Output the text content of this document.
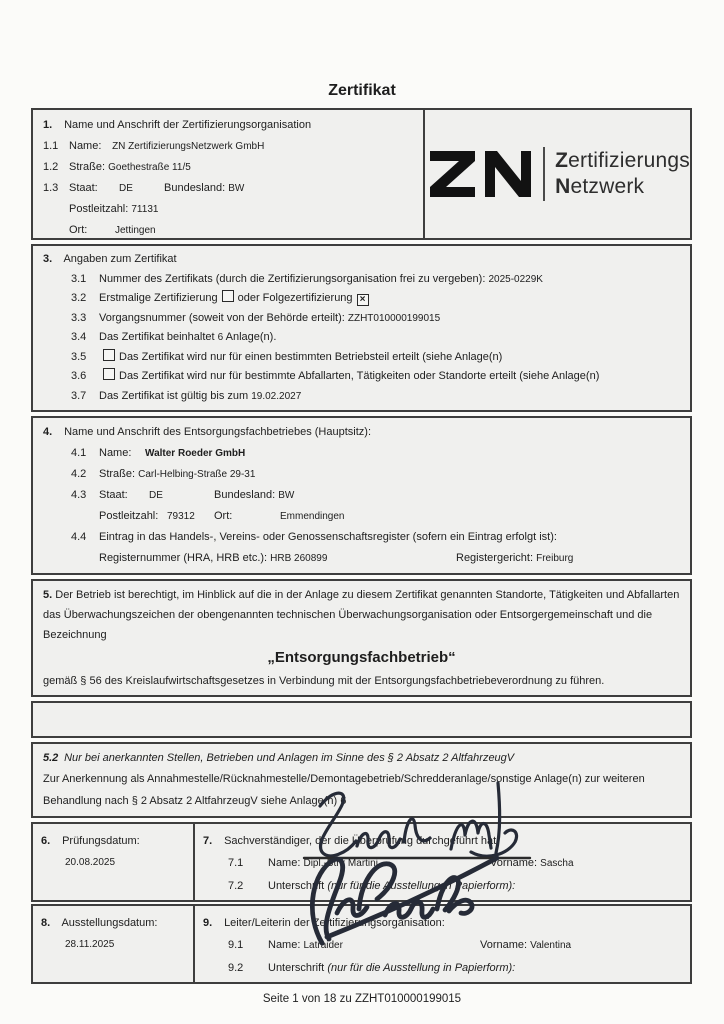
Zertifikat
1. Name und Anschrift der Zertifizierungsorganisation
1.1 Name: ZN ZertifizierungsNetzwerk GmbH
1.2 Straße: Goethestraße 11/5
1.3 Staat: DE	Bundesland: BW
Postleitzahl: 71131
Ort:	Jettingen
Zertifizierungs
Netzwerk
3. Angaben zum Zertifikat
3.1 Nummer des Zertifikats (durch die Zertifizierungsorganisation frei zu vergeben): 2025-0229K
3.2 Erstmalige Zertifizierung oder Folgezertifizierung ×
3.3 Vorgangsnummer (soweit von der Behörde erteilt): ZZHT010000199015
3.4 Das Zertifikat beinhaltet 6 Anlage(n).
3.5	Das Zertifikat wird nur für einen bestimmten Betriebsteil erteilt (siehe Anlage(n)
3.6	Das Zertifikat wird nur für bestimmte Abfallarten, Tätigkeiten oder Standorte erteilt (siehe Anlage(n)
3.7 Das Zertifikat ist gültig bis zum 19.02.2027
4. Name und Anschrift des Entsorgungsfachbetriebes (Hauptsitz):
4.1 Name: Walter Roeder GmbH
4.2 Straße: Carl-Helbing-Straße 29-31
4.3 Staat: DE	Bundesland: BW
Postleitzahl: 79312 Ort:	Emmendingen
4.4 Eintrag in das Handels-, Vereins- oder Genossenschaftsregister (sofern ein Eintrag erfolgt ist):
Registernummer (HRA, HRB etc.): HRB 260899	Registergericht: Freiburg
5. Der Betrieb ist berechtigt, im Hinblick auf die in der Anlage zu diesem Zertifikat genannten Standorte, Tätigkeiten und Abfallarten das Überwachungszeichen der obengenannten technischen Überwachungsorganisation oder Entsorgergemeinschaft und die Bezeichnung
„Entsorgungsfachbetrieb“
gemäß § 56 des Kreislaufwirtschaftsgesetzes in Verbindung mit der Entsorgungsfachbetriebeverordnung zu führen.
5.2 Nur bei anerkannten Stellen, Betrieben und Anlagen im Sinne des § 2 Absatz 2 AltfahrzeugV
Zur Anerkennung als Annahmestelle/Rücknahmestelle/Demontagebetrieb/Schredderanlage/sonstige Anlage(n) zur weiteren Behandlung nach § 2 Absatz 2 AltfahrzeugV siehe Anlage(n) 6
6. Prüfungsdatum:
20.08.2025
7. Sachverständiger, der die Überprüfung durchgeführt hat:
7.1 Name: Dipl.-Btnr Martini	Vorname: Sascha
7.2 Unterschrift (nur für die Ausstellung in Papierform):
8. Ausstellungsdatum:
28.11.2025
9. Leiter/Leiterin der Zertifizierungsorganisation:
9.1 Name: Latraider	Vorname: Valentina
9.2 Unterschrift (nur für die Ausstellung in Papierform):
Seite 1 von 18 zu ZZHT010000199015
